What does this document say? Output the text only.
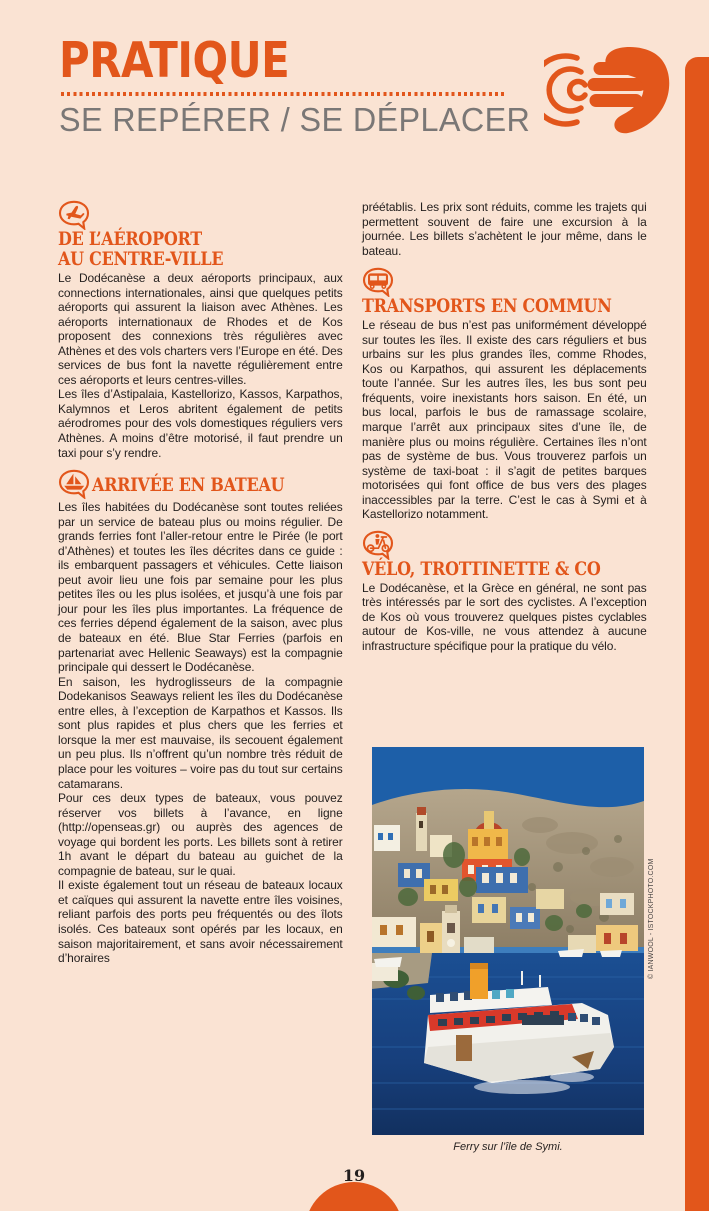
PRATIQUE
SE REPÉRER / SE DÉPLACER
DE L’AÉROPORT
AU CENTRE-VILLE

Le Dodécanèse a deux aéroports principaux, aux connections internationales, ainsi que quelques petits aéroports qui assurent la liaison avec Athènes. Les aéroports internationaux de Rhodes et de Kos proposent des connexions très régulières avec Athènes et des vols charters vers l’Europe en été. Des services de bus font la navette régulièrement entre ces aéroports et leurs centres-villes.

Les îles d’Astipalaia, Kastellorizo, Kassos, Karpathos, Kalymnos et Leros abritent également de petits aérodromes pour des vols domestiques réguliers vers Athènes. A moins d’être motorisé, il faut prendre un taxi pour s’y rendre.

ARRIVÉE EN BATEAU

Les îles habitées du Dodécanèse sont toutes reliées par un service de bateau plus ou moins régulier. De grands ferries font l’aller-retour entre le Pirée (le port d’Athènes) et toutes les îles décrites dans ce guide : ils embarquent passagers et véhicules. Cette liaison peut avoir lieu une fois par semaine pour les plus petites îles ou les plus isolées, et jusqu’à une fois par jour pour les îles plus importantes. La fréquence de ces ferries dépend également de la saison, avec plus de bateaux en été. Blue Star Ferries (parfois en partenariat avec Hellenic Seaways) est la compagnie principale qui dessert le Dodécanèse.

En saison, les hydroglisseurs de la compagnie Dodekanisos Seaways relient les îles du Dodécanèse entre elles, à l’exception de Karpathos et Kassos. Ils sont plus rapides et plus chers que les ferries et lorsque la mer est mauvaise, ils secouent également un peu plus. Ils n’offrent qu’un nombre très réduit de place pour les voitures – voire pas du tout sur certains catamarans.

Pour ces deux types de bateaux, vous pouvez réserver vos billets à l’avance, en ligne (http://openseas.gr) ou auprès des agences de voyage qui bordent les ports. Les billets sont à retirer 1h avant le départ du bateau au guichet de la compagnie de bateau, sur le quai.

Il existe également tout un réseau de bateaux locaux et caïques qui assurent la navette entre îles voisines, reliant parfois des ports peu fréquentés ou des îlots isolés. Ces bateaux sont opérés par les locaux, en saison majoritairement, et sans avoir nécessairement d’horaires

préétablis. Les prix sont réduits, comme les trajets qui permettent souvent de faire une excursion à la journée. Les billets s’achètent le jour même, dans le bateau.

TRANSPORTS EN COMMUN

Le réseau de bus n’est pas uniformément développé sur toutes les îles. Il existe des cars réguliers et bus urbains sur les plus grandes îles, comme Rhodes, Kos ou Karpathos, qui assurent les déplacements toute l’année. Sur les autres îles, les bus sont peu fréquents, voire inexistants hors saison. En été, un bus local, parfois le bus de ramassage scolaire, marque l’arrêt aux principaux sites d’une île, de manière plus ou moins régulière. Certaines îles n’ont pas de système de bus. Vous trouverez parfois un système de taxi-boat : il s’agit de petites barques motorisées qui font office de bus vers des plages inaccessibles par la terre. C’est le cas à Symi et à Kastellorizo notamment.

VÉLO, TROTTINETTE & CO

Le Dodécanèse, et la Grèce en général, ne sont pas très intéressés par le sort des cyclistes. A l’exception de Kos où vous trouverez quelques pistes cyclables autour de Kos-ville, ne vous attendez à aucune infrastructure spécifique pour la pratique du vélo.

© IANWOOL - ISTOCKPHOTO.COM
Ferry sur l’île de Symi.
19
